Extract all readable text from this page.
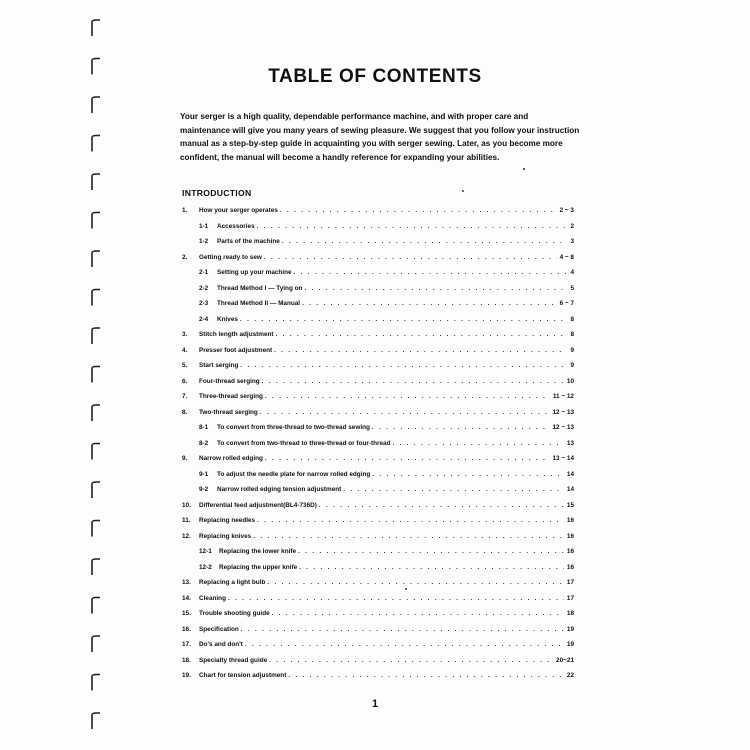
TABLE OF CONTENTS
Your serger is a high quality, dependable performance machine, and with proper care and maintenance will give you many years of sewing pleasure. We suggest that you follow your instruction manual as a step-by-step guide in acquainting you with serger sewing. Later, as you become more confident, the manual will become a handly reference for expanding your abilities.
INTRODUCTION
1.	How your serger operates . . .	2 ~ 3
1-1	Accessories . . .	2
1-2	Parts of the machine . . .	3
2.	Getting ready to sew . . .	4 ~ 8
2-1	Setting up your machine . . .	4
2-2	Thread Method I — Tying on . . .	5
2-3	Thread Method II — Manual . . .	6 ~ 7
2-4	Knives . . .	8
3.	Stitch length adjustment . . .	8
4.	Presser foot adjustment . . .	9
5.	Start serging . . .	9
6.	Four-thread serging . . .	10
7.	Three-thread serging . . .	11 ~ 12
8.	Two-thread serging . . .	12 ~ 13
8-1	To convert from three-thread to two-thread sewing . . .	12 ~ 13
8-2	To convert from two-thread to three-thread or four-thread . . .	13
9.	Narrow rolled edging . . .	13 ~ 14
9-1	To adjust the needle plate for narrow rolled edging . . .	14
9-2	Narrow rolled edging tension adjustment . . .	14
10.	Differential feed adjustment(BL4-736D) . . .	15
11.	Replacing needles . . .	16
12.	Replacing knives . . .	16
12-1	Replacing the lower knife . . .	16
12-2	Replacing the upper knife . . .	16
13.	Replacing a light bulb . . .	17
14.	Cleaning . . .	17
15.	Trouble shooting guide . . .	18
16.	Specification . . .	19
17.	Do's and don't . . .	19
18.	Specialty thread guide . . .	20~21
19.	Chart for tension adjustment . . .	22
1
